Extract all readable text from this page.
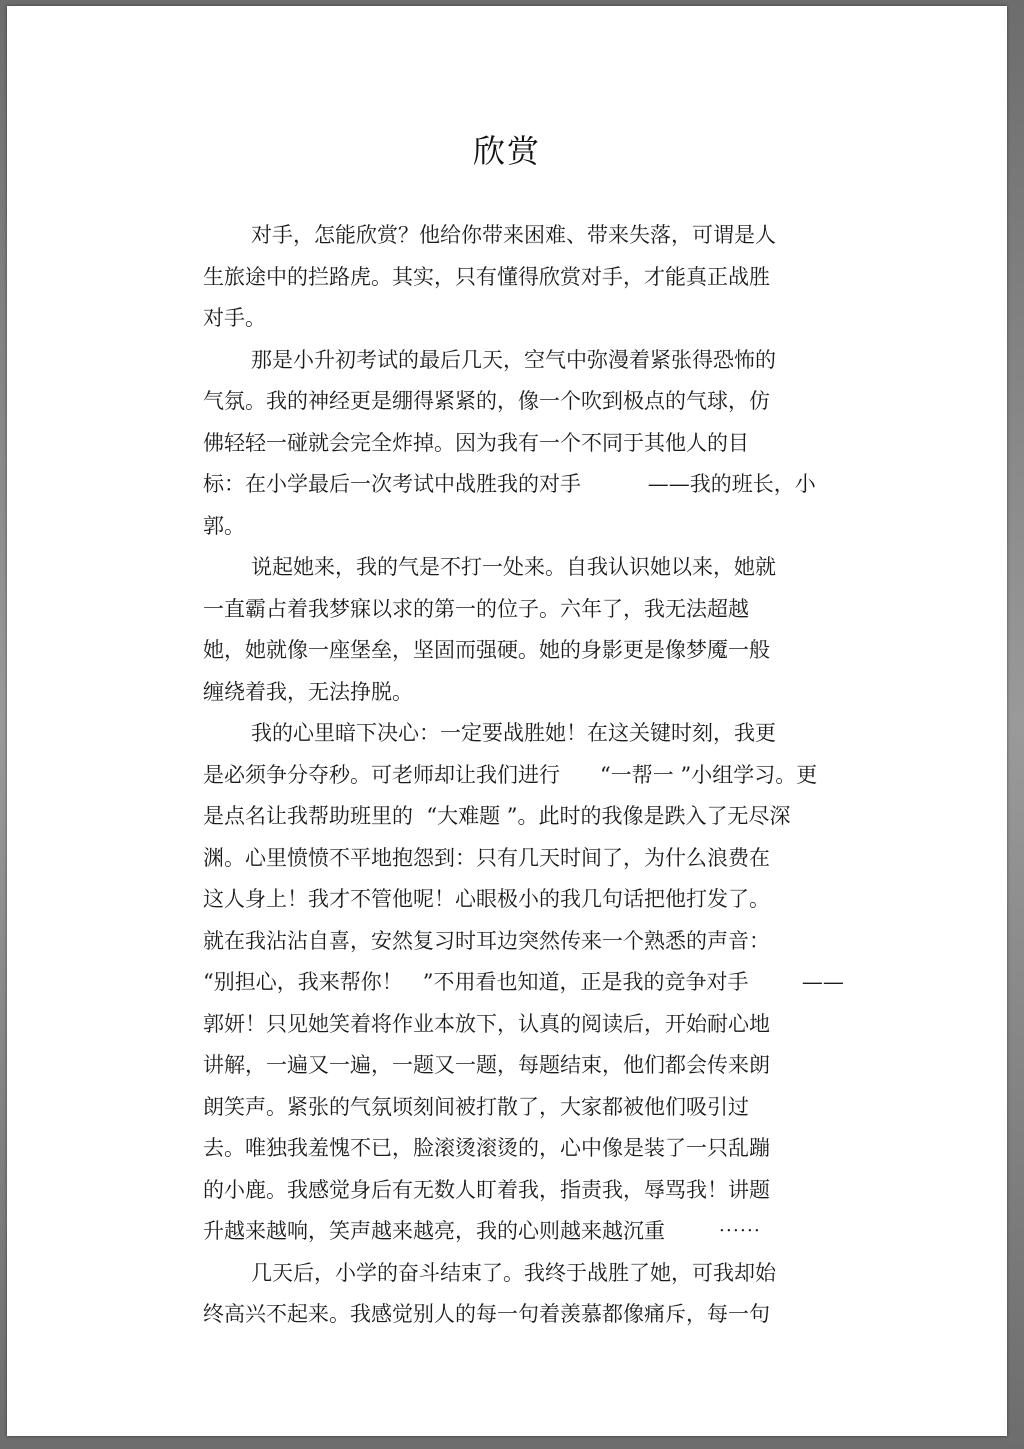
欣赏
对手，怎能欣赏？他给你带来困难、带来失落，可谓是人
生旅途中的拦路虎。其实，只有懂得欣赏对手，才能真正战胜
对手。
那是小升初考试的最后几天，空气中弥漫着紧张得恐怖的
气氛。我的神经更是绷得紧紧的，像一个吹到极点的气球，仿
佛轻轻一碰就会完全炸掉。因为我有一个不同于其他人的目
标：在小学最后一次考试中战胜我的对手          ——我的班长，小
郭。
说起她来，我的气是不打一处来。自我认识她以来，她就
一直霸占着我梦寐以求的第一的位子。六年了，我无法超越
她，她就像一座堡垒，坚固而强硬。她的身影更是像梦魇一般
缠绕着我，无法挣脱。
我的心里暗下决心：一定要战胜她！在这关键时刻，我更
是必须争分夺秒。可老师却让我们进行      “一帮一 ”小组学习。更
是点名让我帮助班里的  “大难题 ”。此时的我像是跌入了无尽深
渊。心里愤愤不平地抱怨到：只有几天时间了，为什么浪费在
这人身上！我才不管他呢！心眼极小的我几句话把他打发了。
就在我沾沾自喜，安然复习时耳边突然传来一个熟悉的声音：
“别担心，我来帮你！   ”不用看也知道，正是我的竞争对手        ——
郭妍！只见她笑着将作业本放下，认真的阅读后，开始耐心地
讲解，一遍又一遍，一题又一题，每题结束，他们都会传来朗
朗笑声。紧张的气氛顷刻间被打散了，大家都被他们吸引过
去。唯独我羞愧不已，脸滚烫滚烫的，心中像是装了一只乱蹦
的小鹿。我感觉身后有无数人盯着我，指责我，辱骂我！讲题
升越来越响，笑声越来越亮，我的心则越来越沉重        ⋯⋯
几天后，小学的奋斗结束了。我终于战胜了她，可我却始
终高兴不起来。我感觉别人的每一句着羡慕都像痛斥，每一句
